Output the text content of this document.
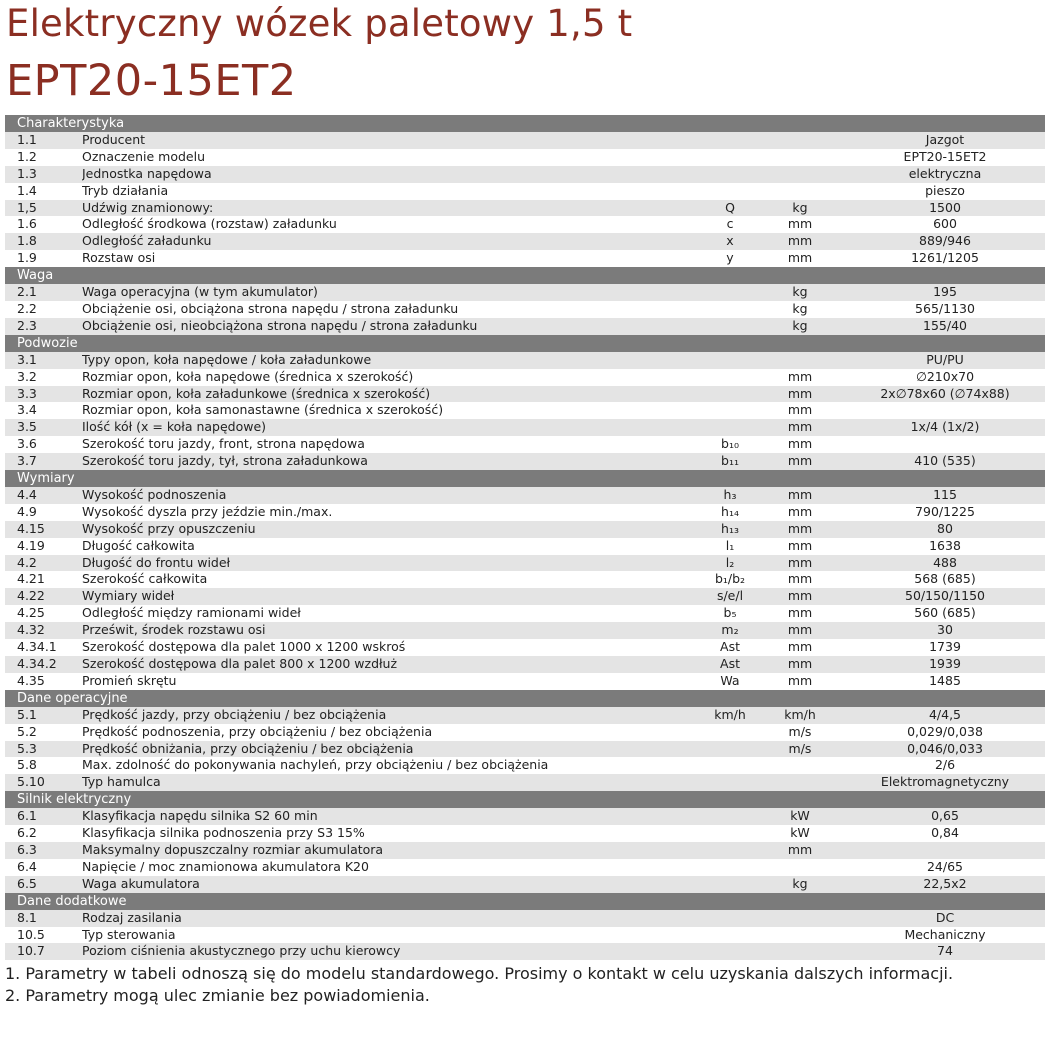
Elektryczny wózek paletowy 1,5 t
EPT20-15ET2
Charakterystyka
1.1	Producent	Jazgot
1.2	Oznaczenie modelu	EPT20-15ET2
1.3	Jednostka napędowa	elektryczna
1.4	Tryb działania	pieszo
1,5	Udźwig znamionowy:	Q	kg	1500
1.6	Odległość środkowa (rozstaw) załadunku	c	mm	600
1.8	Odległość załadunku	x	mm	889/946
1.9	Rozstaw osi	y	mm	1261/1205
Waga
2.1	Waga operacyjna (w tym akumulator)	kg	195
2.2	Obciążenie osi, obciążona strona napędu / strona załadunku	kg	565/1130
2.3	Obciążenie osi, nieobciążona strona napędu / strona załadunku	kg	155/40
Podwozie
3.1	Typy opon, koła napędowe / koła załadunkowe	PU/PU
3.2	Rozmiar opon, koła napędowe (średnica x szerokość)	mm	∅210x70
3.3	Rozmiar opon, koła załadunkowe (średnica x szerokość)	mm	2x∅78x60 (∅74x88)
3.4	Rozmiar opon, koła samonastawne (średnica x szerokość)	mm
3.5	Ilość kół (x = koła napędowe)	mm	1x/4 (1x/2)
3.6	Szerokość toru jazdy, front, strona napędowa	b₁₀	mm
3.7	Szerokość toru jazdy, tył, strona załadunkowa	b₁₁	mm	410 (535)
Wymiary
4.4	Wysokość podnoszenia	h₃	mm	115
4.9	Wysokość dyszla przy jeździe min./max.	h₁₄	mm	790/1225
4.15	Wysokość przy opuszczeniu	h₁₃	mm	80
4.19	Długość całkowita	l₁	mm	1638
4.2	Długość do frontu wideł	l₂	mm	488
4.21	Szerokość całkowita	b₁/b₂	mm	568 (685)
4.22	Wymiary wideł	s/e/l	mm	50/150/1150
4.25	Odległość między ramionami wideł	b₅	mm	560 (685)
4.32	Prześwit, środek rozstawu osi	m₂	mm	30
4.34.1	Szerokość dostępowa dla palet 1000 x 1200 wskroś	Ast	mm	1739
4.34.2	Szerokość dostępowa dla palet 800 x 1200 wzdłuż	Ast	mm	1939
4.35	Promień skrętu	Wa	mm	1485
Dane operacyjne
5.1	Prędkość jazdy, przy obciążeniu / bez obciążenia	km/h	km/h	4/4,5
5.2	Prędkość podnoszenia, przy obciążeniu / bez obciążenia	m/s	0,029/0,038
5.3	Prędkość obniżania, przy obciążeniu / bez obciążenia	m/s	0,046/0,033
5.8	Max. zdolność do pokonywania nachyleń, przy obciążeniu / bez obciążenia	2/6
5.10	Typ hamulca	Elektromagnetyczny
Silnik elektryczny
6.1	Klasyfikacja napędu silnika S2 60 min	kW	0,65
6.2	Klasyfikacja silnika podnoszenia przy S3 15%	kW	0,84
6.3	Maksymalny dopuszczalny rozmiar akumulatora	mm
6.4	Napięcie / moc znamionowa akumulatora K20	24/65
6.5	Waga akumulatora	kg	22,5x2
Dane dodatkowe
8.1	Rodzaj zasilania	DC
10.5	Typ sterowania	Mechaniczny
10.7	Poziom ciśnienia akustycznego przy uchu kierowcy	74

1. Parametry w tabeli odnoszą się do modelu standardowego. Prosimy o kontakt w celu uzyskania dalszych informacji.

2. Parametry mogą ulec zmianie bez powiadomienia.
